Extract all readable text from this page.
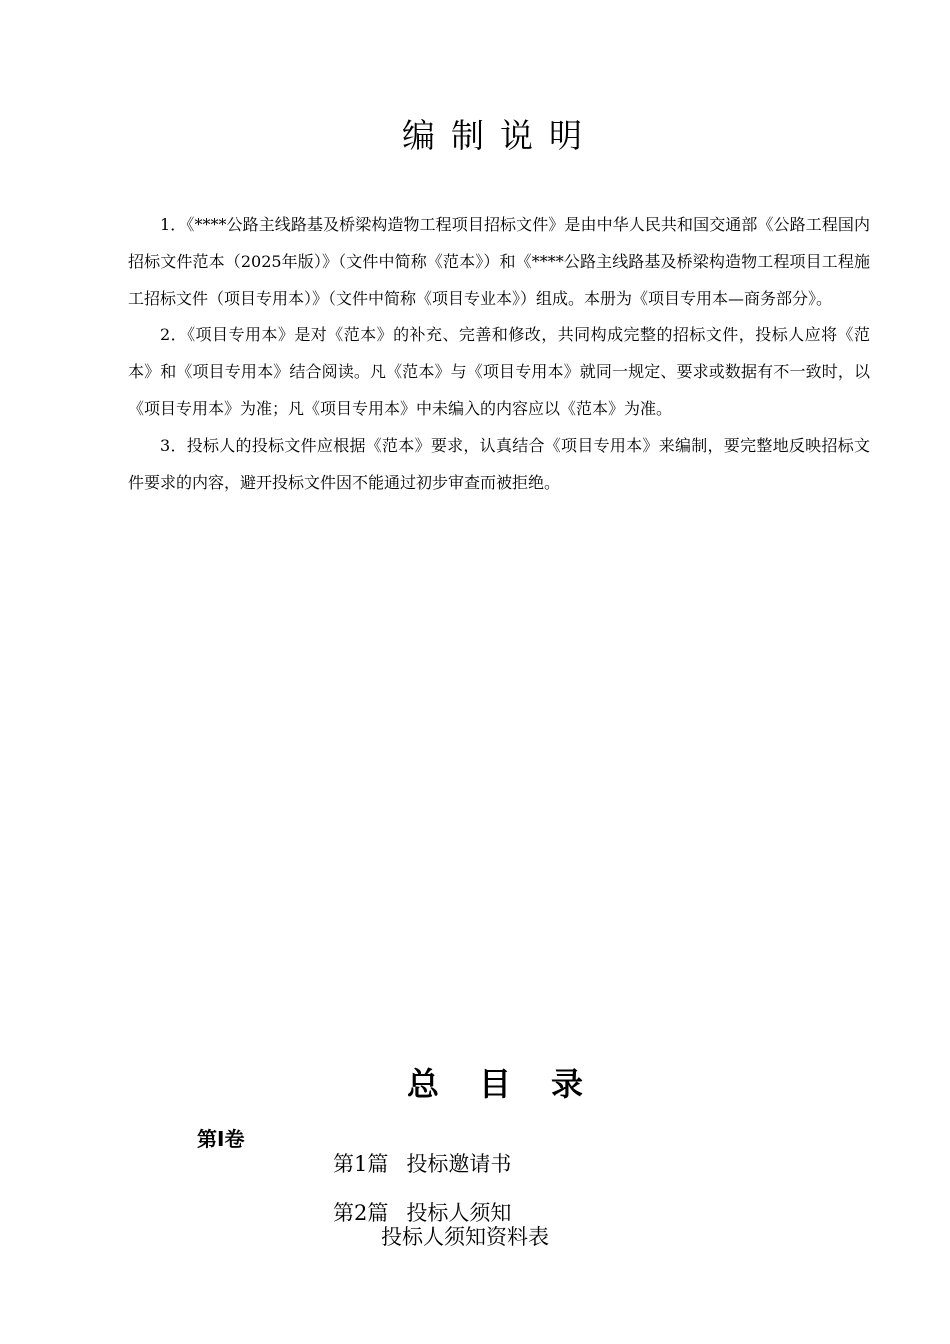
编制说明

1．《****公路主线路基及桥梁构造物工程项目招标文件》是由中华人民共和国交通部《公路工程国内招标文件范本（2025年版）》（文件中简称《范本》）和《****公路主线路基及桥梁构造物工程项目工程施工招标文件（项目专用本）》（文件中简称《项目专业本》）组成。本册为《项目专用本—商务部分》。

2．《项目专用本》是对《范本》的补充、完善和修改，共同构成完整的招标文件，投标人应将《范本》和《项目专用本》结合阅读。凡《范本》与《项目专用本》就同一规定、要求或数据有不一致时，以《项目专用本》为准；凡《项目专用本》中未编入的内容应以《范本》为准。

3．投标人的投标文件应根据《范本》要求，认真结合《项目专用本》来编制，要完整地反映招标文件要求的内容，避开投标文件因不能通过初步审查而被拒绝。

总目录
第Ⅰ卷
第1篇 投标邀请书
第2篇 投标人须知
投标人须知资料表
